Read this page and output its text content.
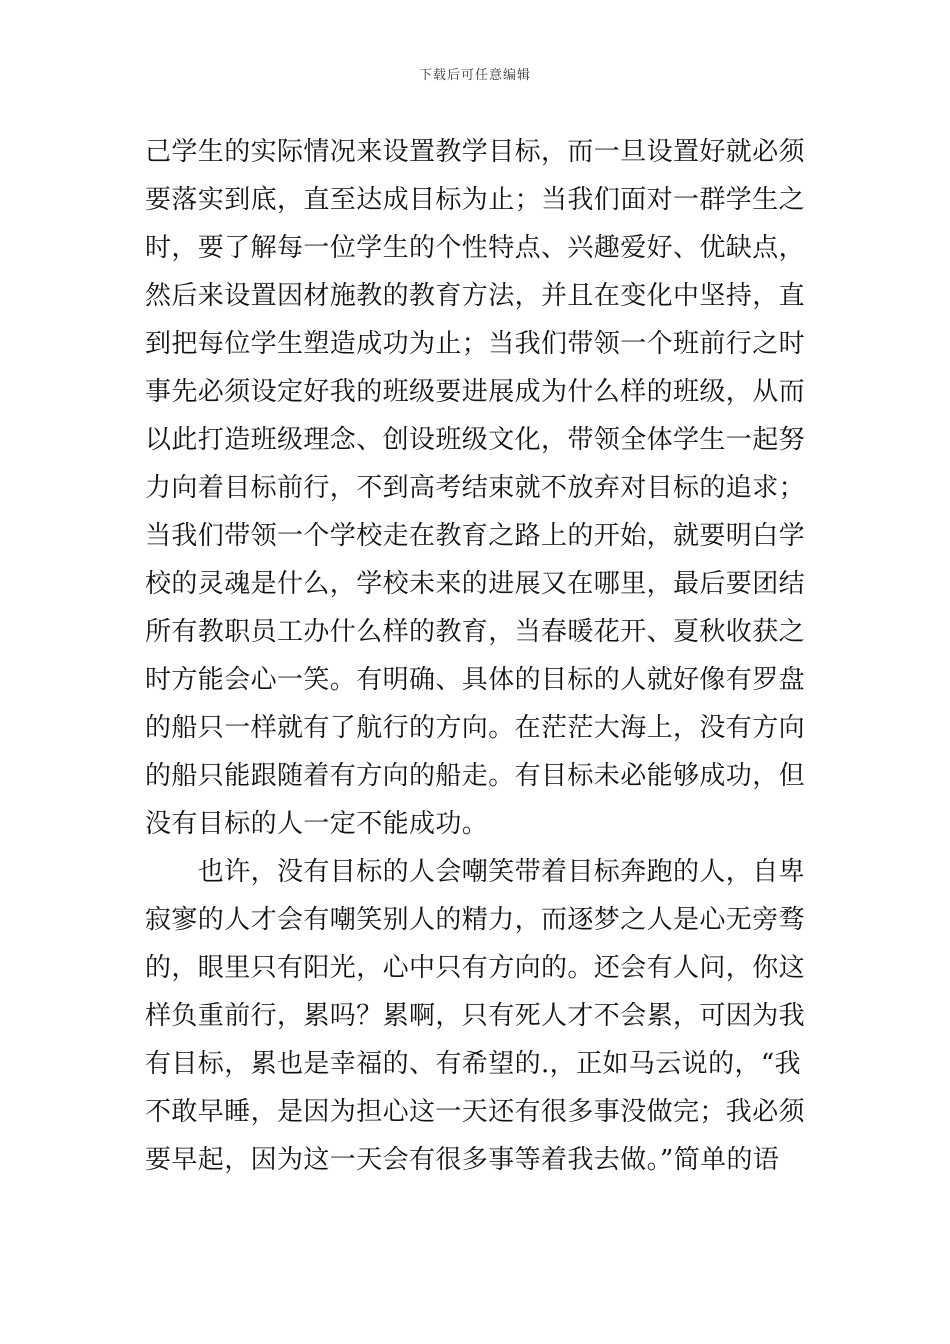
下载后可任意编辑
己学生的实际情况来设置教学目标，而一旦设置好就必须
要落实到底，直至达成目标为止；当我们面对一群学生之
时，要了解每一位学生的个性特点、兴趣爱好、优缺点，
然后来设置因材施教的教育方法，并且在变化中坚持，直
到把每位学生塑造成功为止；当我们带领一个班前行之时
事先必须设定好我的班级要进展成为什么样的班级，从而
以此打造班级理念、创设班级文化，带领全体学生一起努
力向着目标前行，不到高考结束就不放弃对目标的追求；
当我们带领一个学校走在教育之路上的开始，就要明白学
校的灵魂是什么，学校未来的进展又在哪里，最后要团结
所有教职员工办什么样的教育，当春暖花开、夏秋收获之
时方能会心一笑。有明确、具体的目标的人就好像有罗盘
的船只一样就有了航行的方向。在茫茫大海上，没有方向
的船只能跟随着有方向的船走。有目标未必能够成功，但
没有目标的人一定不能成功。
　　也许，没有目标的人会嘲笑带着目标奔跑的人，自卑
寂寥的人才会有嘲笑别人的精力，而逐梦之人是心无旁骛
的，眼里只有阳光，心中只有方向的。还会有人问，你这
样负重前行，累吗？累啊，只有死人才不会累，可因为我
有目标，累也是幸福的、有希望的.，正如马云说的，“我
不敢早睡，是因为担心这一天还有很多事没做完；我必须
要早起，因为这一天会有很多事等着我去做。”简单的语
